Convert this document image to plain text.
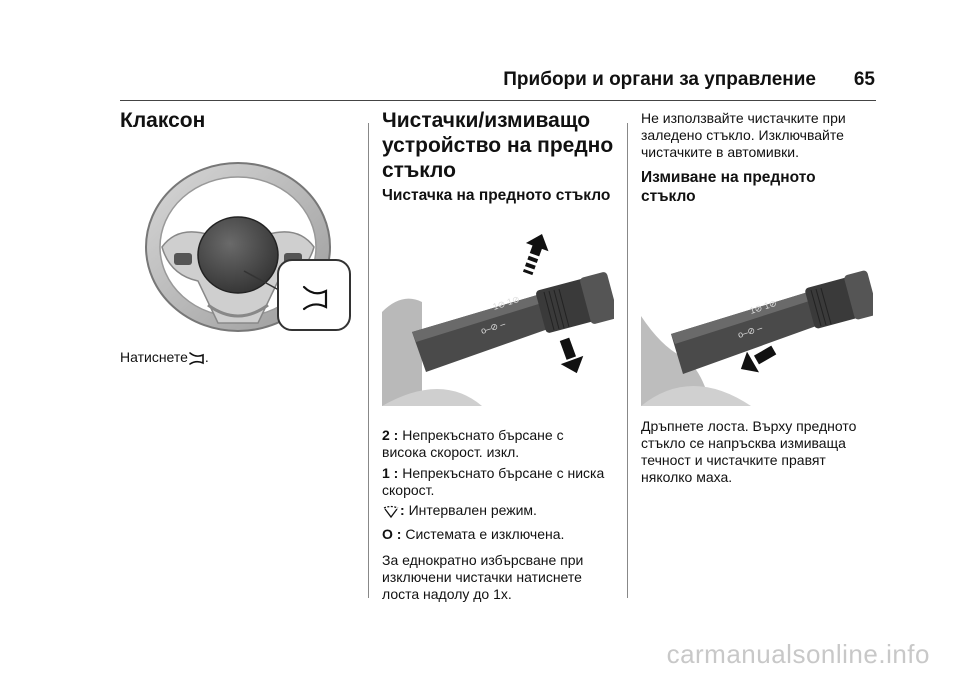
Прибори и органи за управление 65
Клаксон
Натиснете .
Чистачки/измиващо
устройство на предно
стъкло
Чистачка на предното стъкло
1⊘ 1⊘
o–⊘ –
2 : Непрекъснато бърсане с
висока скорост. изкл.
1 : Непрекъснато бърсане с ниска
скорост.
: Интервален режим.
O : Системата е изключена.
За еднократно избърсване при
изключени чистачки натиснете
лоста надолу до 1x.
Не използвайте чистачките при
заледено стъкло. Изключвайте
чистачките в автомивки.
Измиване на предното
стъкло
1⊘ 1⊘
o–⊘ –
Дръпнете лоста. Върху предното
стъкло се напръсква измиваща
течност и чистачките правят
няколко маха.
carmanualsonline.info
